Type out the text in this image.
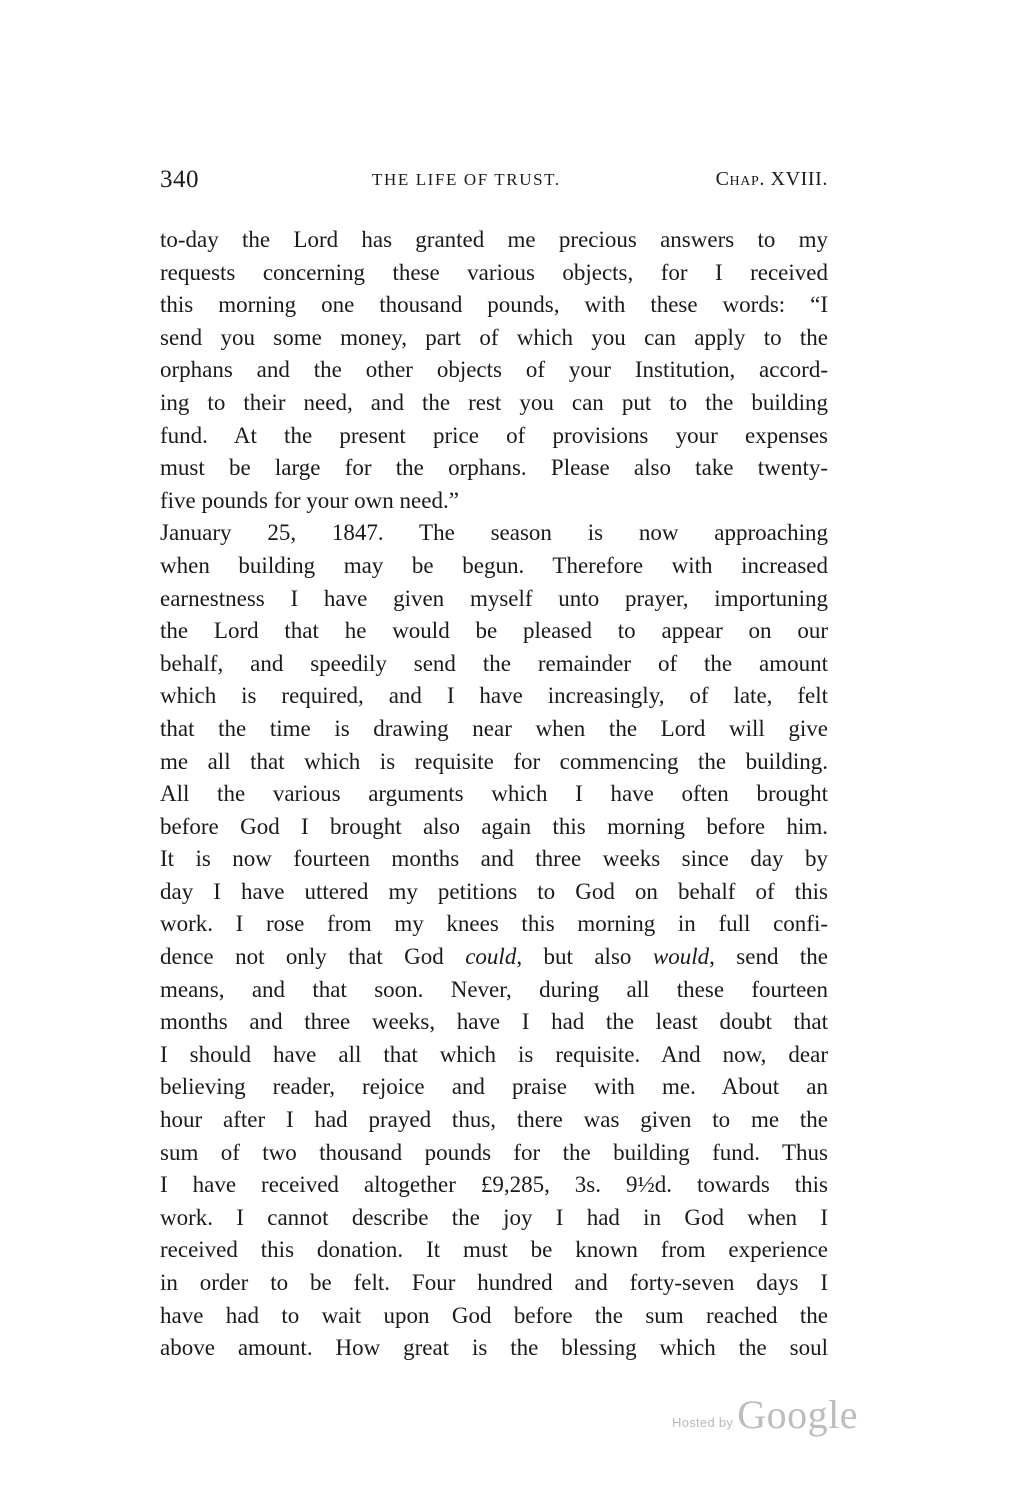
340	THE LIFE OF TRUST.	Chap. XVIII.
to-day the Lord has granted me precious answers to my
requests concerning these various objects, for I received
this morning one thousand pounds, with these words: “I
send you some money, part of which you can apply to the
orphans and the other objects of your Institution, accord-
ing to their need, and the rest you can put to the building
fund. At the present price of provisions your expenses
must be large for the orphans. Please also take twenty-
five pounds for your own need.”
January 25, 1847. The season is now approaching
when building may be begun. Therefore with increased
earnestness I have given myself unto prayer, importuning
the Lord that he would be pleased to appear on our
behalf, and speedily send the remainder of the amount
which is required, and I have increasingly, of late, felt
that the time is drawing near when the Lord will give
me all that which is requisite for commencing the building.
All the various arguments which I have often brought
before God I brought also again this morning before him.
It is now fourteen months and three weeks since day by
day I have uttered my petitions to God on behalf of this
work. I rose from my knees this morning in full confi-
dence not only that God could, but also would, send the
means, and that soon. Never, during all these fourteen
months and three weeks, have I had the least doubt that
I should have all that which is requisite. And now, dear
believing reader, rejoice and praise with me. About an
hour after I had prayed thus, there was given to me the
sum of two thousand pounds for the building fund. Thus
I have received altogether £9,285, 3s. 9½d. towards this
work. I cannot describe the joy I had in God when I
received this donation. It must be known from experience
in order to be felt. Four hundred and forty-seven days I
have had to wait upon God before the sum reached the
above amount. How great is the blessing which the soul
Hosted by Google
